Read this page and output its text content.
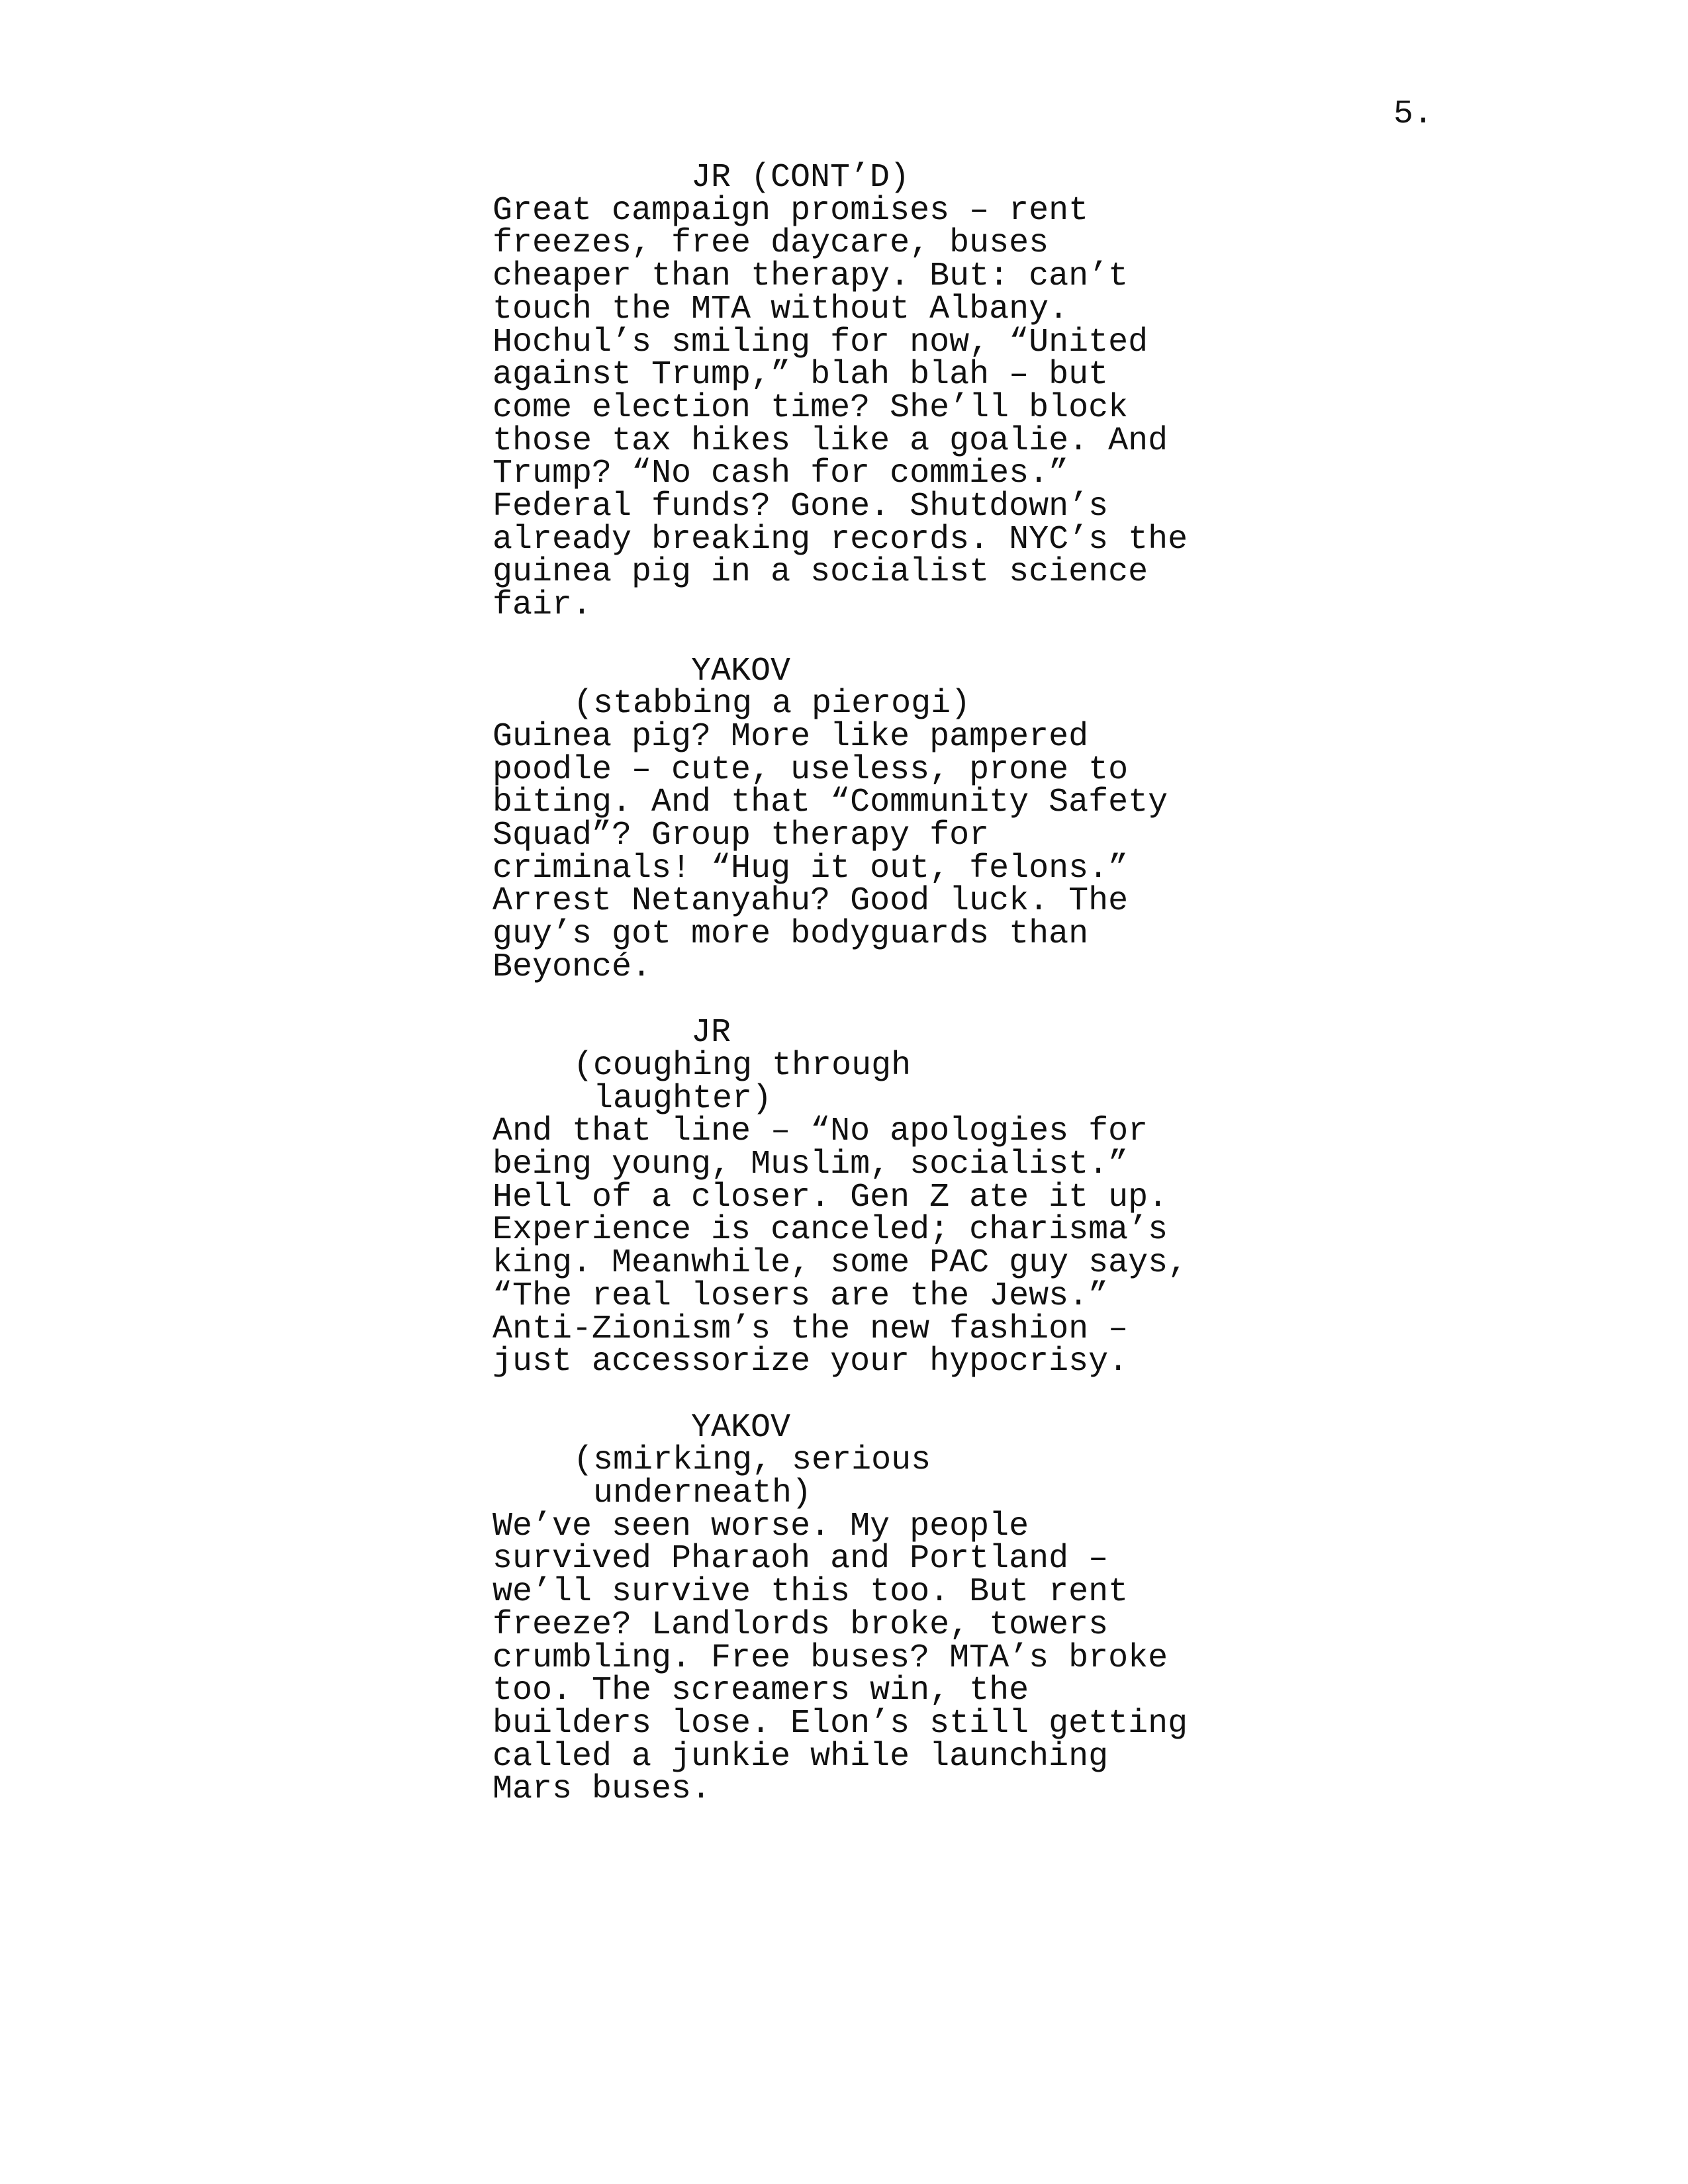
5.
JR (CONT’D)
Great campaign promises – rent
freezes, free daycare, buses
cheaper than therapy. But: can’t
touch the MTA without Albany.
Hochul’s smiling for now, “United
against Trump,” blah blah – but
come election time? She’ll block
those tax hikes like a goalie. And
Trump? “No cash for commies.”
Federal funds? Gone. Shutdown’s
already breaking records. NYC’s the
guinea pig in a socialist science
fair.
YAKOV
(stabbing a pierogi)
Guinea pig? More like pampered
poodle – cute, useless, prone to
biting. And that “Community Safety
Squad”? Group therapy for
criminals! “Hug it out, felons.”
Arrest Netanyahu? Good luck. The
guy’s got more bodyguards than
Beyoncé.
JR
(coughing through
laughter)
And that line – “No apologies for
being young, Muslim, socialist.”
Hell of a closer. Gen Z ate it up.
Experience is canceled; charisma’s
king. Meanwhile, some PAC guy says,
“The real losers are the Jews.”
Anti-Zionism’s the new fashion –
just accessorize your hypocrisy.
YAKOV
(smirking, serious
underneath)
We’ve seen worse. My people
survived Pharaoh and Portland –
we’ll survive this too. But rent
freeze? Landlords broke, towers
crumbling. Free buses? MTA’s broke
too. The screamers win, the
builders lose. Elon’s still getting
called a junkie while launching
Mars buses.
